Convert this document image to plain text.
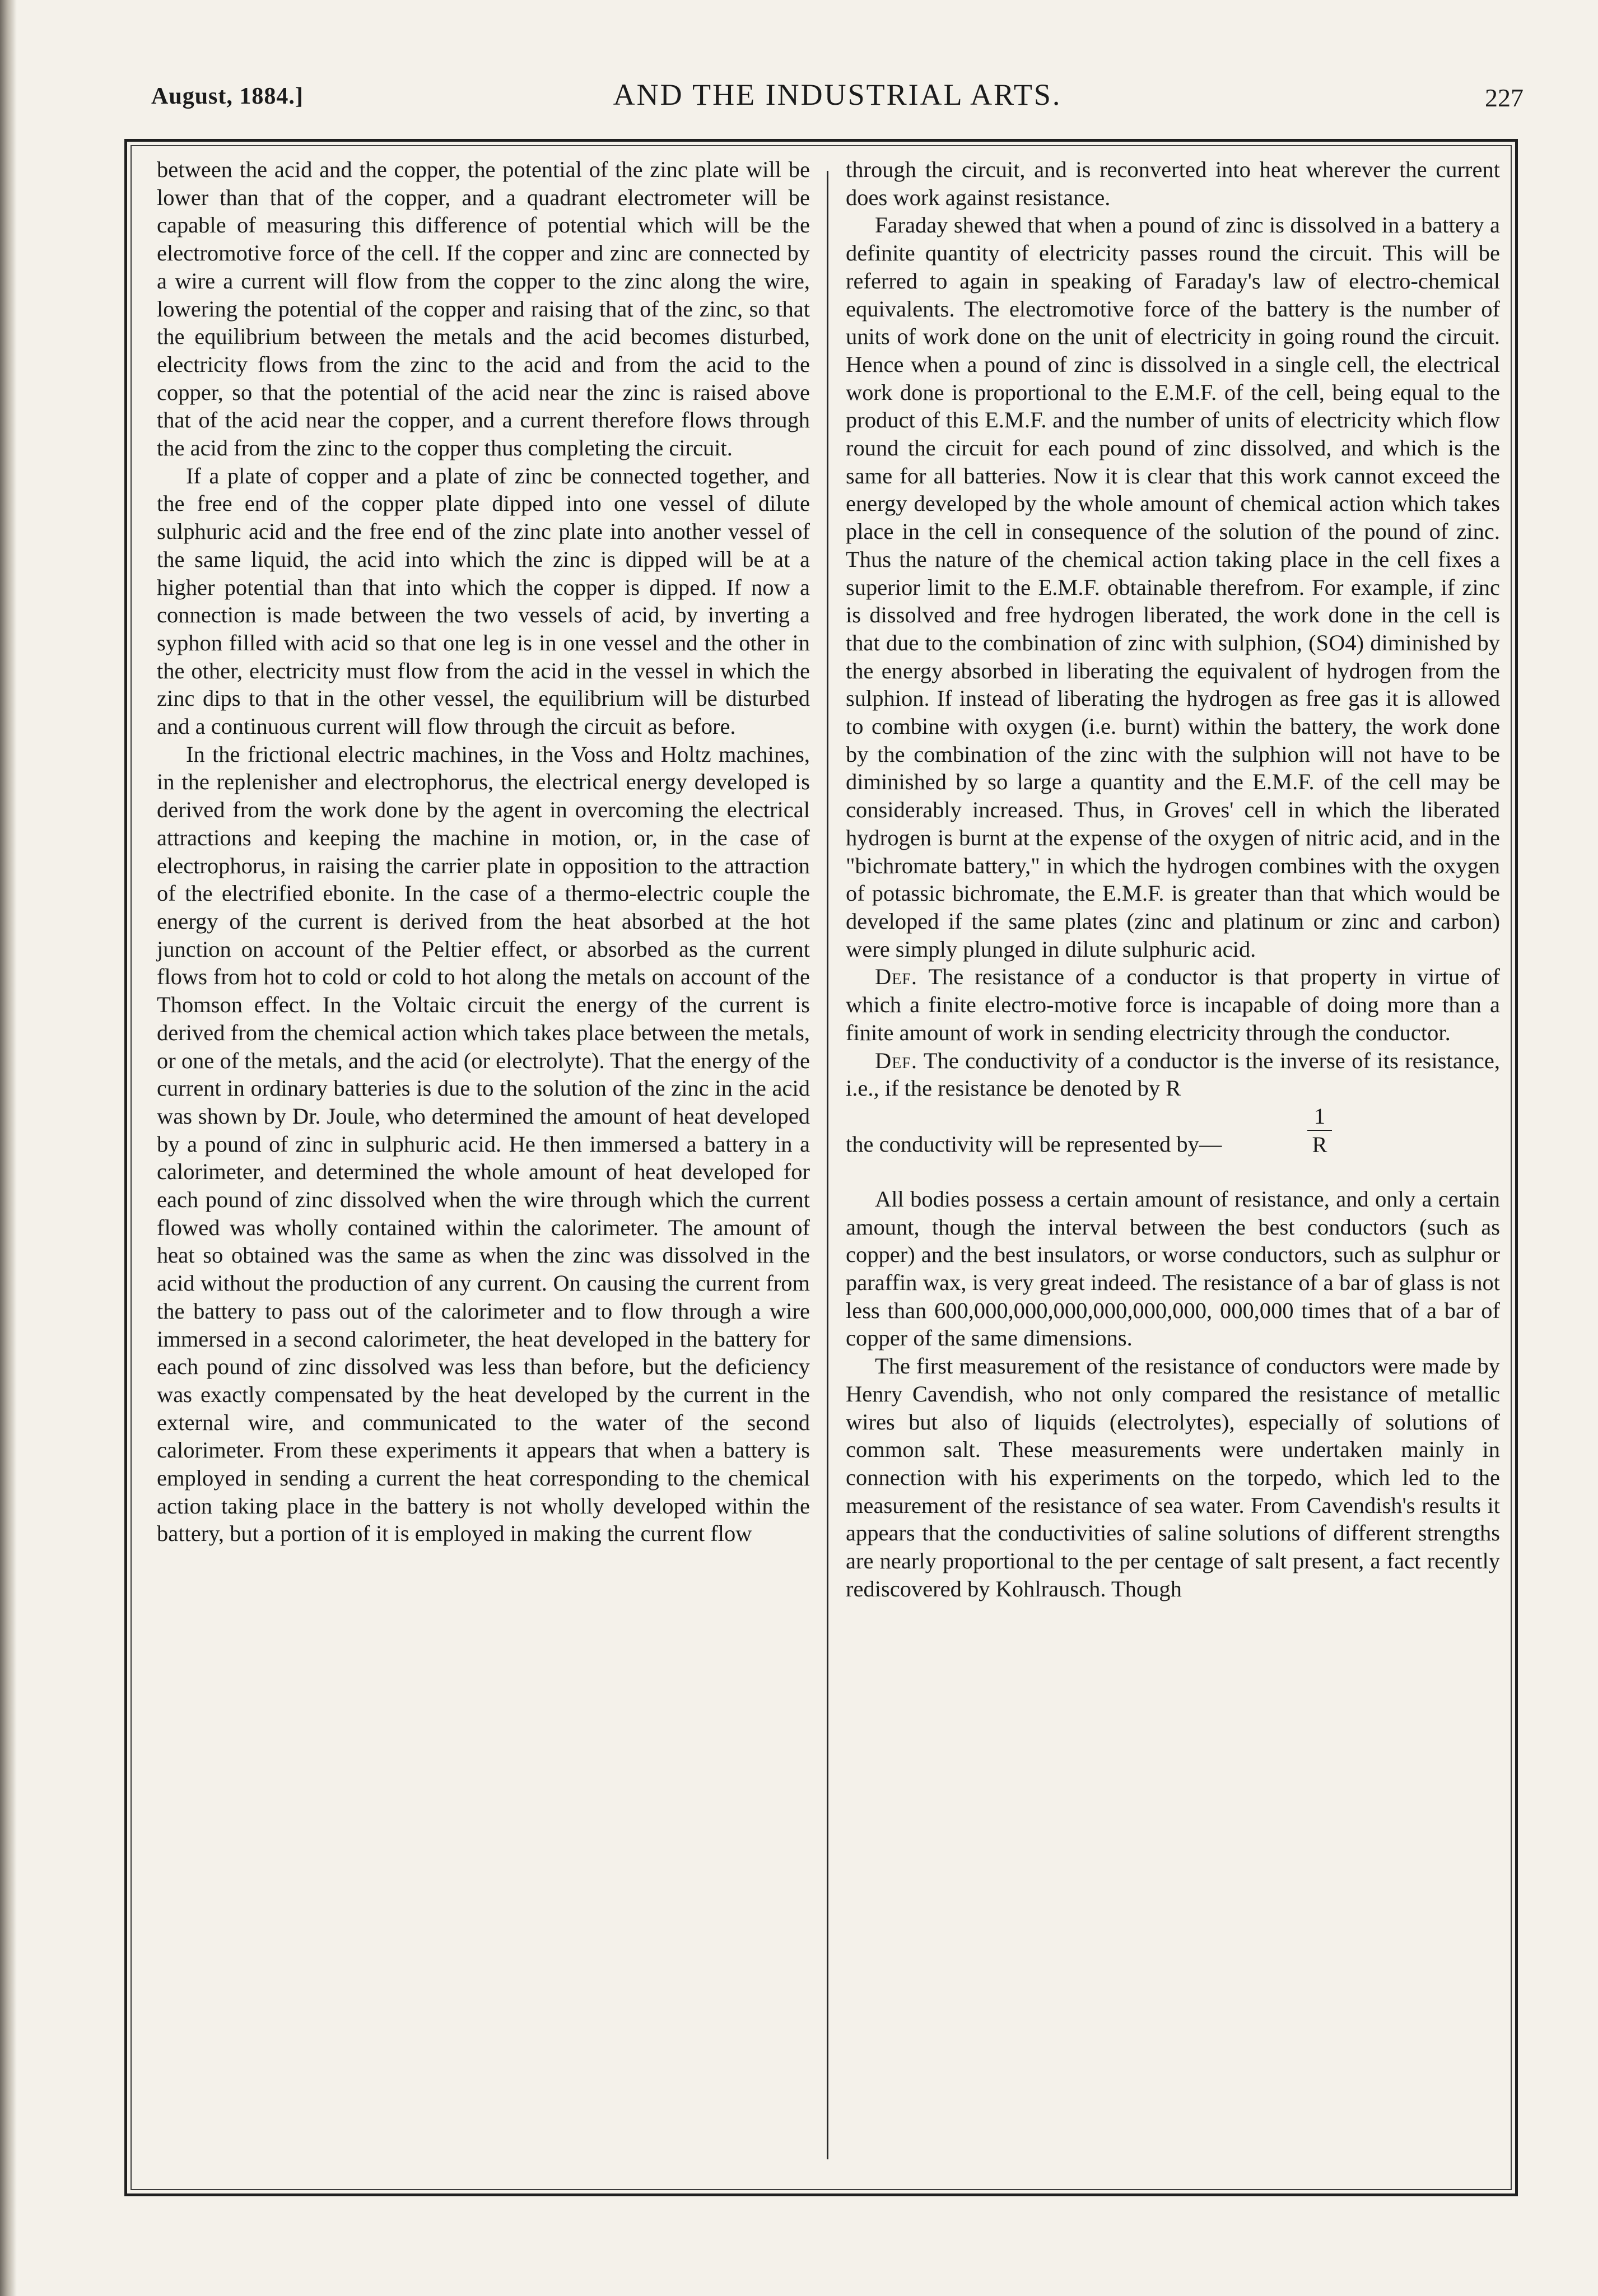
August, 1884.]	AND THE INDUSTRIAL ARTS.	227

between the acid and the copper, the potential of the zinc plate will be lower than that of the copper, and a quadrant electrometer will be capable of measuring this difference of potential which will be the electromotive force of the cell. If the copper and zinc are connected by a wire a current will flow from the copper to the zinc along the wire, lowering the potential of the copper and raising that of the zinc, so that the equilibrium between the metals and the acid becomes disturbed, electricity flows from the zinc to the acid and from the acid to the copper, so that the potential of the acid near the zinc is raised above that of the acid near the copper, and a current therefore flows through the acid from the zinc to the copper thus completing the circuit.

If a plate of copper and a plate of zinc be connected together, and the free end of the copper plate dipped into one vessel of dilute sulphuric acid and the free end of the zinc plate into another vessel of the same liquid, the acid into which the zinc is dipped will be at a higher potential than that into which the copper is dipped. If now a connection is made between the two vessels of acid, by inverting a syphon filled with acid so that one leg is in one vessel and the other in the other, electricity must flow from the acid in the vessel in which the zinc dips to that in the other vessel, the equilibrium will be disturbed and a continuous current will flow through the circuit as before.

In the frictional electric machines, in the Voss and Holtz machines, in the replenisher and electrophorus, the electrical energy developed is derived from the work done by the agent in overcoming the electrical attractions and keeping the machine in motion, or, in the case of electrophorus, in raising the carrier plate in opposition to the attraction of the electrified ebonite. In the case of a thermo-electric couple the energy of the current is derived from the heat absorbed at the hot junction on account of the Peltier effect, or absorbed as the current flows from hot to cold or cold to hot along the metals on account of the Thomson effect. In the Voltaic circuit the energy of the current is derived from the chemical action which takes place between the metals, or one of the metals, and the acid (or electrolyte). That the energy of the current in ordinary batteries is due to the solution of the zinc in the acid was shown by Dr. Joule, who determined the amount of heat developed by a pound of zinc in sulphuric acid. He then immersed a battery in a calorimeter, and determined the whole amount of heat developed for each pound of zinc dissolved when the wire through which the current flowed was wholly contained within the calorimeter. The amount of heat so obtained was the same as when the zinc was dissolved in the acid without the production of any current. On causing the current from the battery to pass out of the calorimeter and to flow through a wire immersed in a second calorimeter, the heat developed in the battery for each pound of zinc dissolved was less than before, but the deficiency was exactly compensated by the heat developed by the current in the external wire, and communicated to the water of the second calorimeter. From these experiments it appears that when a battery is employed in sending a current the heat corresponding to the chemical action taking place in the battery is not wholly developed within the battery, but a portion of it is employed in making the current flow

through the circuit, and is reconverted into heat wherever the current does work against resistance.

Faraday shewed that when a pound of zinc is dissolved in a battery a definite quantity of electricity passes round the circuit. This will be referred to again in speaking of Faraday's law of electro-chemical equivalents. The electromotive force of the battery is the number of units of work done on the unit of electricity in going round the circuit. Hence when a pound of zinc is dissolved in a single cell, the electrical work done is proportional to the E.M.F. of the cell, being equal to the product of this E.M.F. and the number of units of electricity which flow round the circuit for each pound of zinc dissolved, and which is the same for all batteries. Now it is clear that this work cannot exceed the energy developed by the whole amount of chemical action which takes place in the cell in consequence of the solution of the pound of zinc. Thus the nature of the chemical action taking place in the cell fixes a superior limit to the E.M.F. obtainable therefrom. For example, if zinc is dissolved and free hydrogen liberated, the work done in the cell is that due to the combination of zinc with sulphion, (SO4) diminished by the energy absorbed in liberating the equivalent of hydrogen from the sulphion. If instead of liberating the hydrogen as free gas it is allowed to combine with oxygen (i.e. burnt) within the battery, the work done by the combination of the zinc with the sulphion will not have to be diminished by so large a quantity and the E.M.F. of the cell may be considerably increased. Thus, in Groves' cell in which the liberated hydrogen is burnt at the expense of the oxygen of nitric acid, and in the "bichromate battery," in which the hydrogen combines with the oxygen of potassic bichromate, the E.M.F. is greater than that which would be developed if the same plates (zinc and platinum or zinc and carbon) were simply plunged in dilute sulphuric acid.

Def. The resistance of a conductor is that property in virtue of which a finite electro-motive force is incapable of doing more than a finite amount of work in sending electricity through the conductor.

Def. The conductivity of a conductor is the inverse of its resistance, i.e., if the resistance be denoted by R

the conductivity will be represented by—
1
R

All bodies possess a certain amount of resistance, and only a certain amount, though the interval between the best conductors (such as copper) and the best insulators, or worse conductors, such as sulphur or paraffin wax, is very great indeed. The resistance of a bar of glass is not less than 600,000,000,000,000,000,000, 000,000 times that of a bar of copper of the same dimensions.

The first measurement of the resistance of conductors were made by Henry Cavendish, who not only compared the resistance of metallic wires but also of liquids (electrolytes), especially of solutions of common salt. These measurements were undertaken mainly in connection with his experiments on the torpedo, which led to the measurement of the resistance of sea water. From Cavendish's results it appears that the conductivities of saline solutions of different strengths are nearly proportional to the per centage of salt present, a fact recently rediscovered by Kohlrausch. Though
